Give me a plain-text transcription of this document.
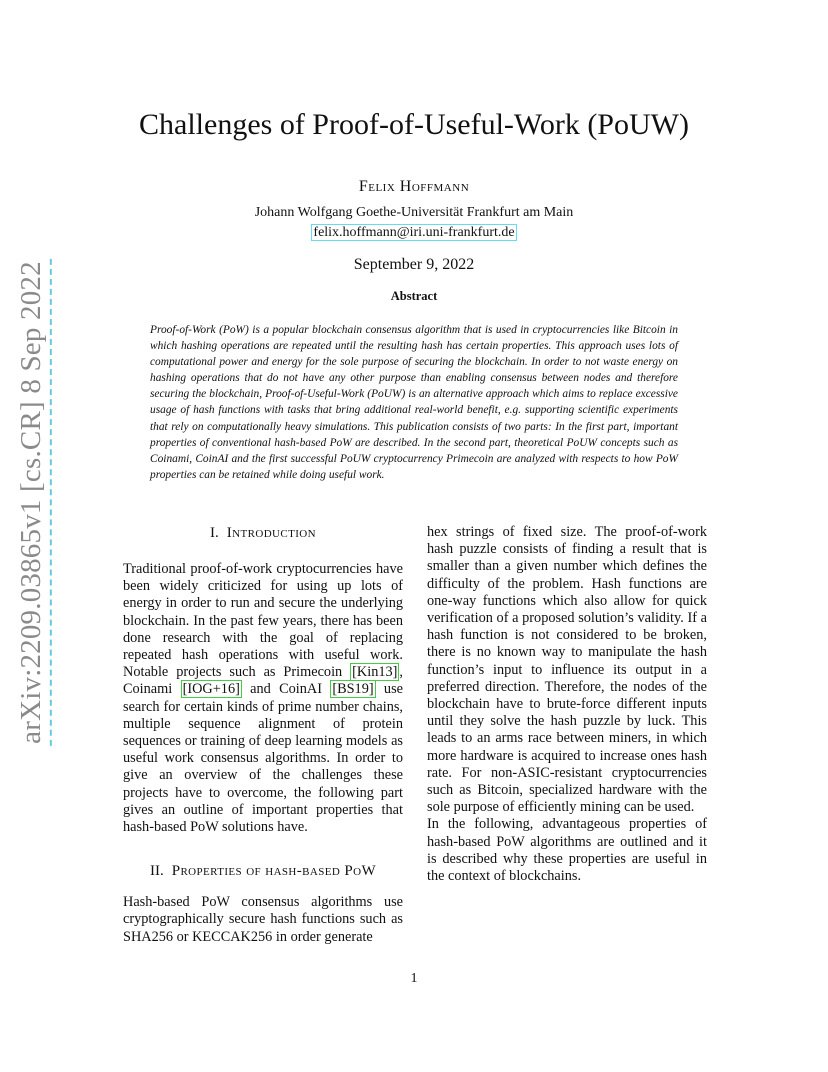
arXiv:2209.03865v1 [cs.CR] 8 Sep 2022
Challenges of Proof-of-Useful-Work (PoUW)
Felix Hoffmann
Johann Wolfgang Goethe-Universität Frankfurt am Main
felix.hoffmann@iri.uni-frankfurt.de
September 9, 2022
Abstract

Proof-of-Work (PoW) is a popular blockchain consensus algorithm that is used in cryptocurrencies like Bitcoin in which hashing operations are repeated until the resulting hash has certain properties. This approach uses lots of computational power and energy for the sole purpose of securing the blockchain. In order to not waste energy on hashing operations that do not have any other purpose than enabling consensus between nodes and therefore securing the blockchain, Proof-of-Useful-Work (PoUW) is an alternative approach which aims to replace excessive usage of hash functions with tasks that bring additional real-world benefit, e.g. supporting scientific experiments that rely on computationally heavy simulations. This publication consists of two parts: In the first part, important properties of conventional hash-based PoW are described. In the second part, theoretical PoUW concepts such as Coinami, CoinAI and the first successful PoUW cryptocurrency Primecoin are analyzed with respects to how PoW properties can be retained while doing useful work.

I. Introduction

Traditional proof-of-work cryptocurrencies have been widely criticized for using up lots of energy in order to run and secure the underlying blockchain. In the past few years, there has been done research with the goal of replacing repeated hash operations with useful work. Notable projects such as Primecoin [Kin13] , Coinami [IOG+16] and CoinAI [BS19] use search for certain kinds of prime number chains, multiple sequence alignment of protein sequences or training of deep learning models as useful work consensus algorithms. In order to give an overview of the challenges these projects have to overcome, the following part gives an outline of important properties that hash-based PoW solutions have.

II. Properties of hash-based PoW

Hash-based PoW consensus algorithms use cryptographically secure hash functions such as SHA256 or KECCAK256 in order generate

hex strings of fixed size. The proof-of-work hash puzzle consists of finding a result that is smaller than a given number which defines the difficulty of the problem. Hash functions are one-way functions which also allow for quick verification of a proposed solution’s validity. If a hash function is not considered to be broken, there is no known way to manipulate the hash function’s input to influence its output in a preferred direction. Therefore, the nodes of the blockchain have to brute-force different inputs until they solve the hash puzzle by luck. This leads to an arms race between miners, in which more hardware is acquired to increase ones hash rate. For non-ASIC-resistant cryptocurrencies such as Bitcoin, specialized hardware with the sole purpose of efficiently mining can be used.

In the following, advantageous properties of hash-based PoW algorithms are outlined and it is described why these properties are useful in the context of blockchains.

1
